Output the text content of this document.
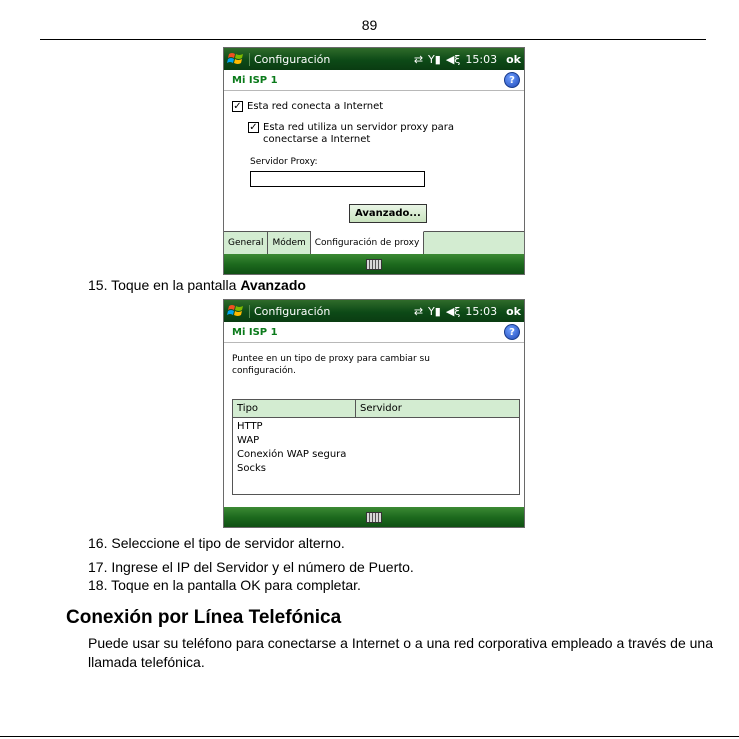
89
Configuración	⇄ Y▮ ◀ξ 15:03 ok
Mi ISP 1	?
✓ Esta red conecta a Internet
✓ Esta red utiliza un servidor proxy para
conectarse a Internet
Servidor Proxy:
Avanzado...
General	Módem	Configuración de proxy
15. Toque en la pantalla Avanzado
Configuración	⇄ Y▮ ◀ξ 15:03 ok
Mi ISP 1	?
Puntee en un tipo de proxy para cambiar su
configuración.
Tipo	Servidor
HTTP
WAP
Conexión WAP segura
Socks
16. Seleccione el tipo de servidor alterno.
17. Ingrese el IP del Servidor y el número de Puerto.
18. Toque en la pantalla OK para completar.
Conexión por Línea Telefónica
Puede usar su teléfono para conectarse a Internet o a una red corporativa empleado a través de una llamada telefónica.
